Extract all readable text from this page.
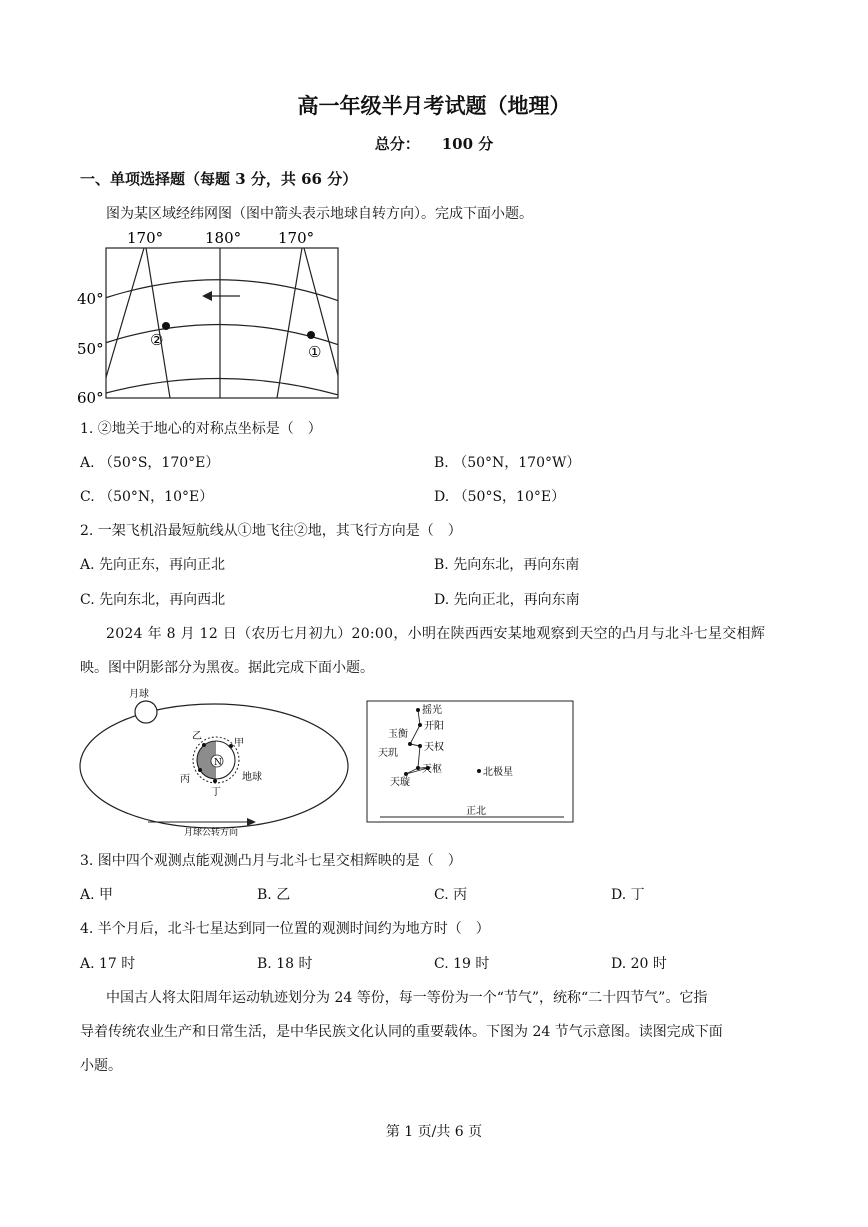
高一年级半月考试题（地理）
总分： 100 分
一、单项选择题（每题 3 分，共 66 分）
图为某区域经纬网图（图中箭头表示地球自转方向）。完成下面小题。
170°	180° 170°
40°
50°
60°
②
①
1. ②地关于地心的对称点坐标是（　）
A. （50°S，170°E）	B. （50°N，170°W）
C. （50°N，10°E）	D. （50°S，10°E）
2. 一架飞机沿最短航线从①地飞往②地，其飞行方向是（　）
A. 先向正东，再向正北	B. 先向东北，再向东南
C. 先向东北，再向西北	D. 先向正北，再向东南
2024 年 8 月 12 日（农历七月初九）20:00，小明在陕西西安某地观察到天空的凸月与北斗七星交相辉
映。图中阴影部分为黑夜。据此完成下面小题。
月球
N
甲
乙
丙
丁
地球
月球公转方向
摇光
开阳
玉衡
天权
天玑
天枢
天璇
北极星
正北
3. 图中四个观测点能观测凸月与北斗七星交相辉映的是（　）
A. 甲	B. 乙	C. 丙	D. 丁
4. 半个月后，北斗七星达到同一位置的观测时间约为地方时（　）
A. 17 时	B. 18 时	C. 19 时	D. 20 时
中国古人将太阳周年运动轨迹划分为 24 等份，每一等份为一个“节气”，统称“二十四节气”。它指
导着传统农业生产和日常生活，是中华民族文化认同的重要载体。下图为 24 节气示意图。读图完成下面
小题。
第 1 页/共 6 页
